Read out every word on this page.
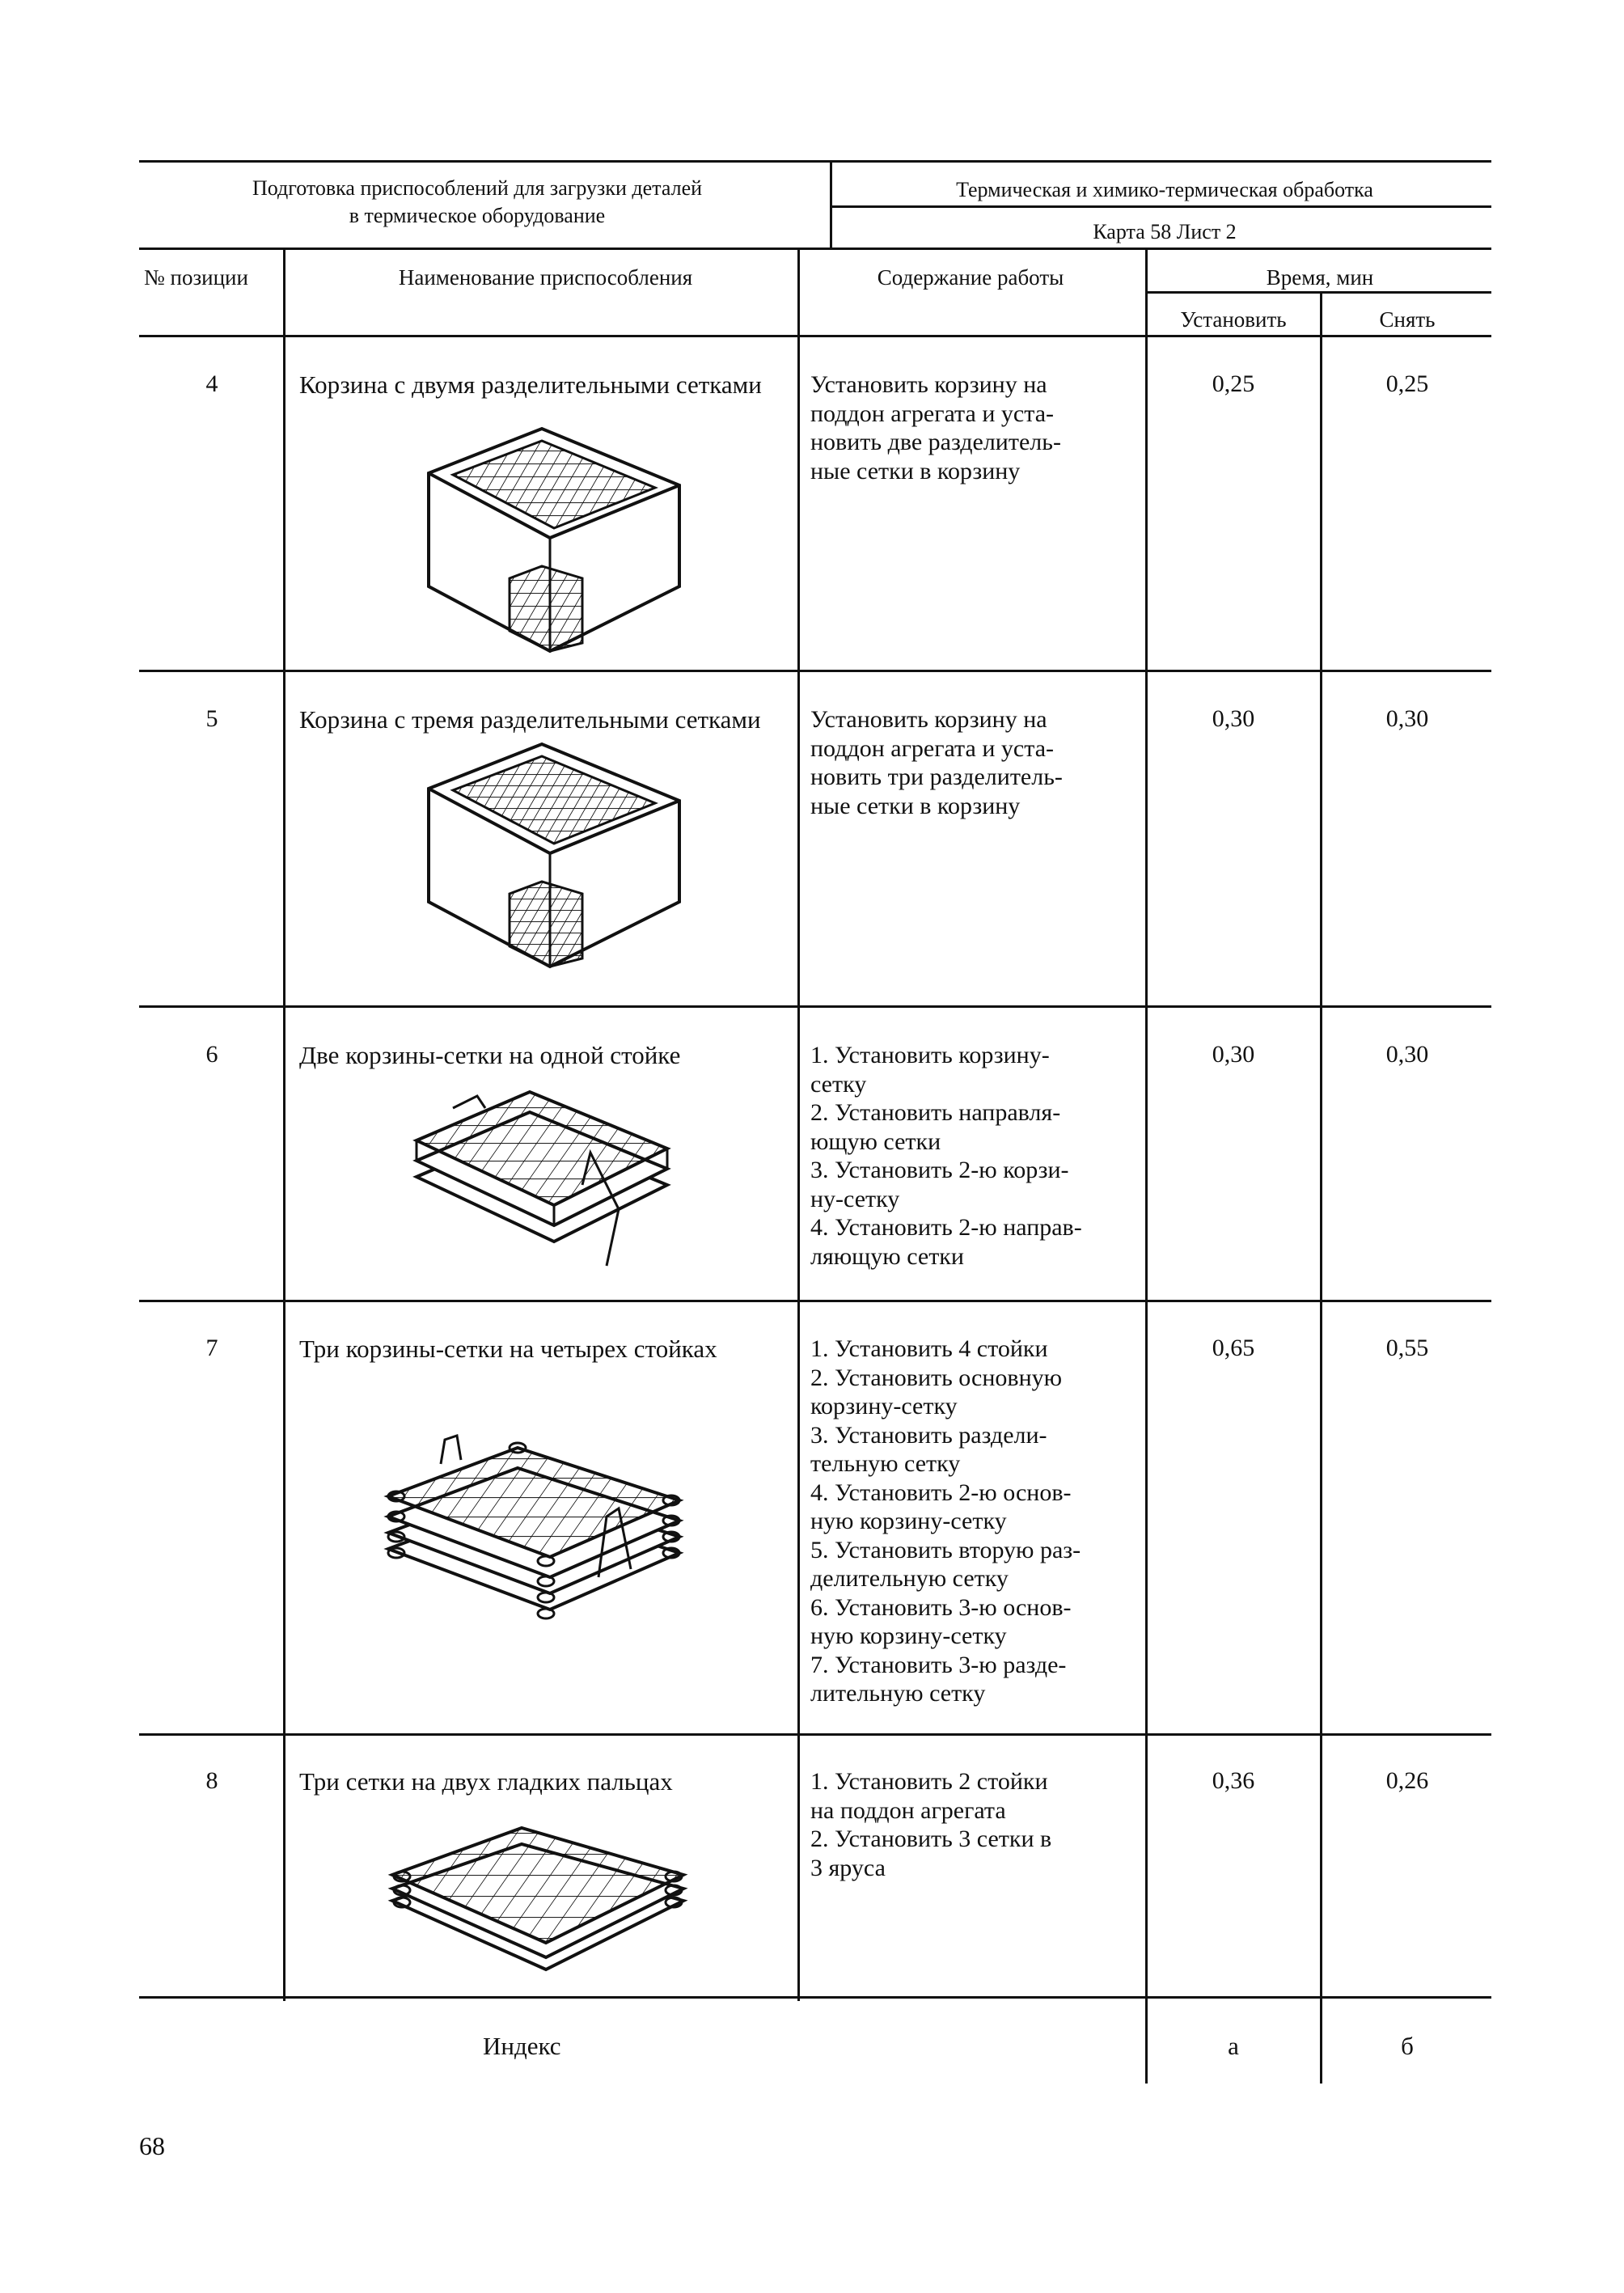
Подготовка приспособлений для загрузки деталей
в термическое оборудование
Термическая и химико-термическая обработка
Карта 58 Лист 2
№ позиции	Наименование приспособления	Содержание работы	Время, мин
Установить	Снять
4	Корзина с двумя разделительными сетками	Установить корзину на
поддон агрегата и уста-
новить две разделитель-
ные сетки в корзину
0,25	0,25
5	Корзина с тремя разделительными сетками	Установить корзину на
поддон агрегата и уста-
новить три разделитель-
ные сетки в корзину
0,30	0,30
6	Две корзины-сетки на одной стойке	1. Установить корзину-
сетку
2. Установить направля-
ющую сетки
3. Установить 2-ю корзи-
ну-сетку
4. Установить 2-ю направ-
ляющую сетки
0,30	0,30
7	Три корзины-сетки на четырех стойках	1. Установить 4 стойки
2. Установить основную
корзину-сетку
3. Установить раздели-
тельную сетку
4. Установить 2-ю основ-
ную корзину-сетку
5. Установить вторую раз-
делительную сетку
6. Установить 3-ю основ-
ную корзину-сетку
7. Установить 3-ю разде-
лительную сетку
0,65	0,55
8	Три сетки на двух гладких пальцах	1. Установить 2 стойки
на поддон агрегата
2. Установить 3 сетки в
3 яруса
0,36	0,26
Индекс	а	б
68
